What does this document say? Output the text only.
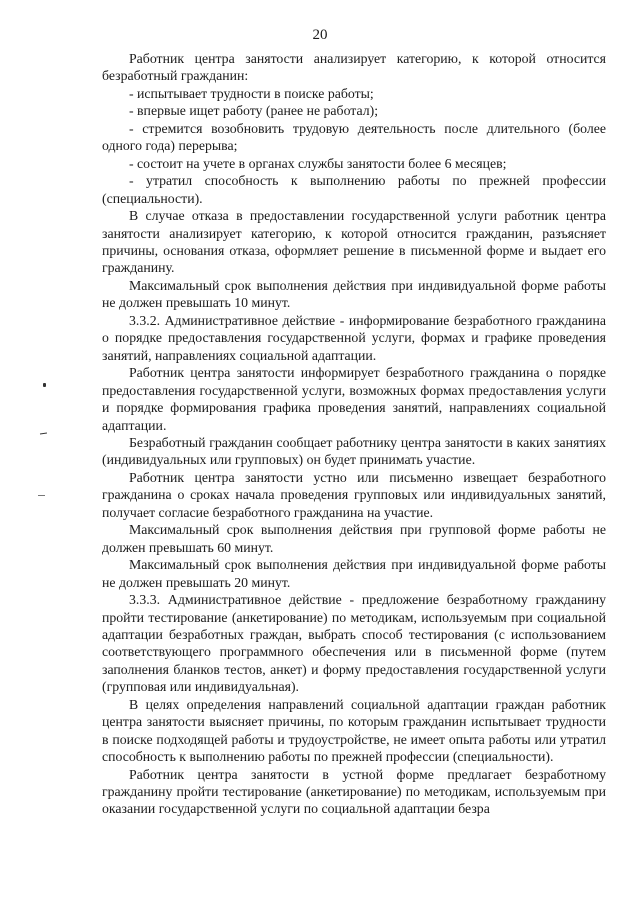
20

Работник центра занятости анализирует категорию, к которой относится безработный гражданин:

- испытывает трудности в поиске работы;

- впервые ищет работу (ранее не работал);

- стремится возобновить трудовую деятельность после длительного (более одного года) перерыва;

- состоит на учете в органах службы занятости более 6 месяцев;

- утратил способность к выполнению работы по прежней профессии (специальности).

В случае отказа в предоставлении государственной услуги работник центра занятости анализирует категорию, к которой относится гражданин, разъясняет причины, основания отказа, оформляет решение в письменной форме и выдает его гражданину.

Максимальный срок выполнения действия при индивидуальной форме работы не должен превышать 10 минут.

3.3.2. Административное действие - информирование безработного гражданина о порядке предоставления государственной услуги, формах и графике проведения занятий, направлениях социальной адаптации.

Работник центра занятости информирует безработного гражданина о порядке предоставления государственной услуги, возможных формах предоставления услуги и порядке формирования графика проведения занятий, направлениях социальной адаптации.

Безработный гражданин сообщает работнику центра занятости в каких занятиях (индивидуальных или групповых) он будет принимать участие.

Работник центра занятости устно или письменно извещает безработного гражданина о сроках начала проведения групповых или индивидуальных занятий, получает согласие безработного гражданина на участие.

Максимальный срок выполнения действия при групповой форме работы не должен превышать 60 минут.

Максимальный срок выполнения действия при индивидуальной форме работы не должен превышать 20 минут.

3.3.3. Административное действие - предложение безработному гражданину пройти тестирование (анкетирование) по методикам, используемым при социальной адаптации безработных граждан, выбрать способ тестирования (с использованием соответствующего программного обеспечения или в письменной форме (путем заполнения бланков тестов, анкет) и форму предоставления государственной услуги (групповая или индивидуальная).

В целях определения направлений социальной адаптации граждан работник центра занятости выясняет причины, по которым гражданин испытывает трудности в поиске подходящей работы и трудоустройстве, не имеет опыта работы или утратил способность к выполнению работы по прежней профессии (специальности).

Работник центра занятости в устной форме предлагает безработному гражданину пройти тестирование (анкетирование) по методикам, используемым при оказании государственной услуги по социальной адаптации безра
